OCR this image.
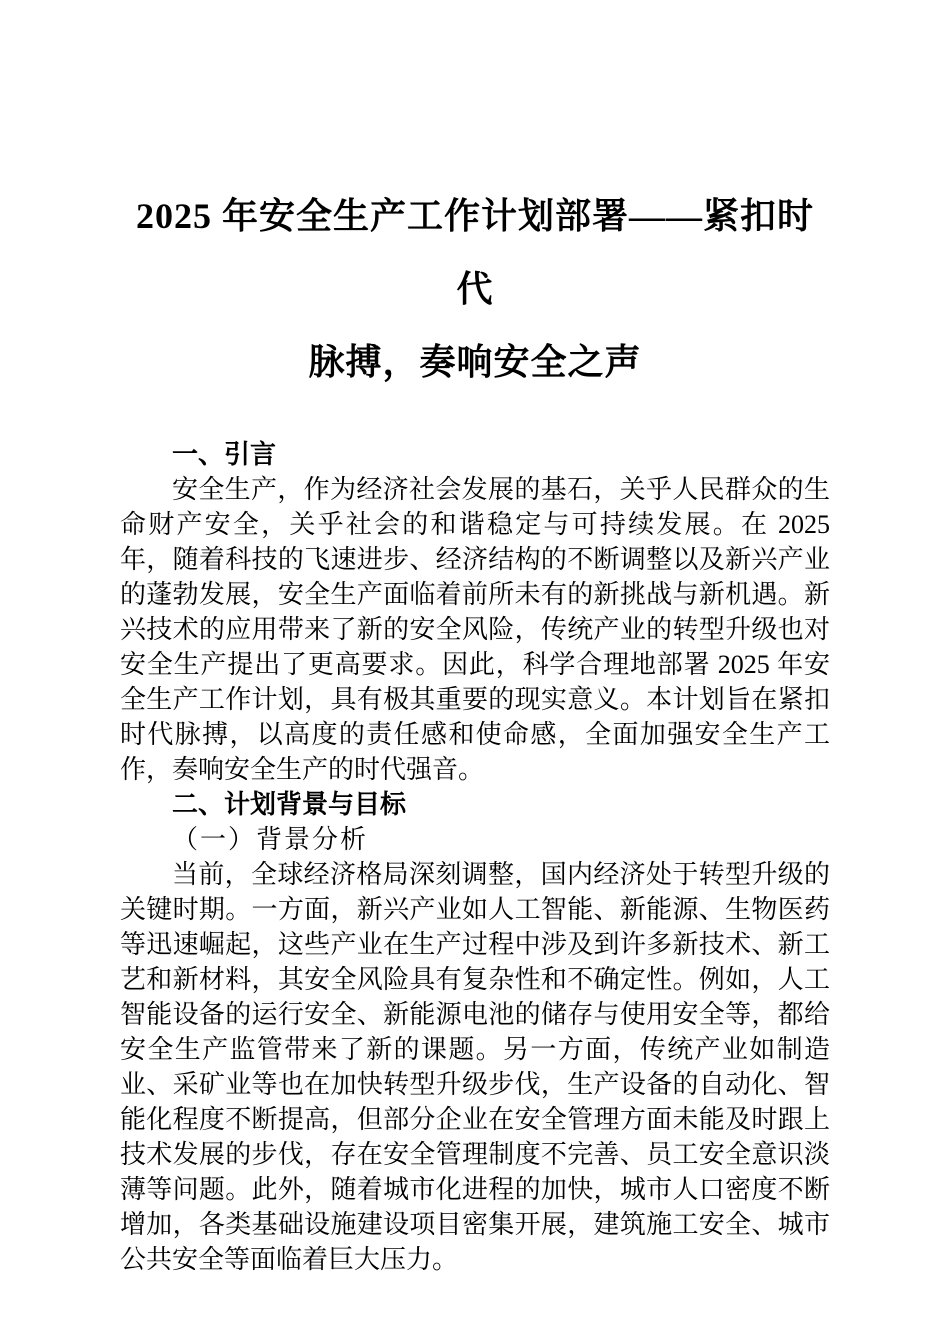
2025 年安全生产工作计划部署——紧扣时代
脉搏，奏响安全之声

一、引言

安全生产，作为经济社会发展的基石，关乎人民群众的生命财产安全，关乎社会的和谐稳定与可持续发展。在 2025 年，随着科技的飞速进步、经济结构的不断调整以及新兴产业的蓬勃发展，安全生产面临着前所未有的新挑战与新机遇。新兴技术的应用带来了新的安全风险，传统产业的转型升级也对安全生产提出了更高要求。因此，科学合理地部署 2025 年安全生产工作计划，具有极其重要的现实意义。本计划旨在紧扣时代脉搏，以高度的责任感和使命感，全面加强安全生产工作，奏响安全生产的时代强音。

二、计划背景与目标

（一）背景分析

当前，全球经济格局深刻调整，国内经济处于转型升级的关键时期。一方面，新兴产业如人工智能、新能源、生物医药等迅速崛起，这些产业在生产过程中涉及到许多新技术、新工艺和新材料，其安全风险具有复杂性和不确定性。例如，人工智能设备的运行安全、新能源电池的储存与使用安全等，都给安全生产监管带来了新的课题。另一方面，传统产业如制造业、采矿业等也在加快转型升级步伐，生产设备的自动化、智能化程度不断提高，但部分企业在安全管理方面未能及时跟上技术发展的步伐，存在安全管理制度不完善、员工安全意识淡薄等问题。此外，随着城市化进程的加快，城市人口密度不断增加，各类基础设施建设项目密集开展，建筑施工安全、城市公共安全等面临着巨大压力。
